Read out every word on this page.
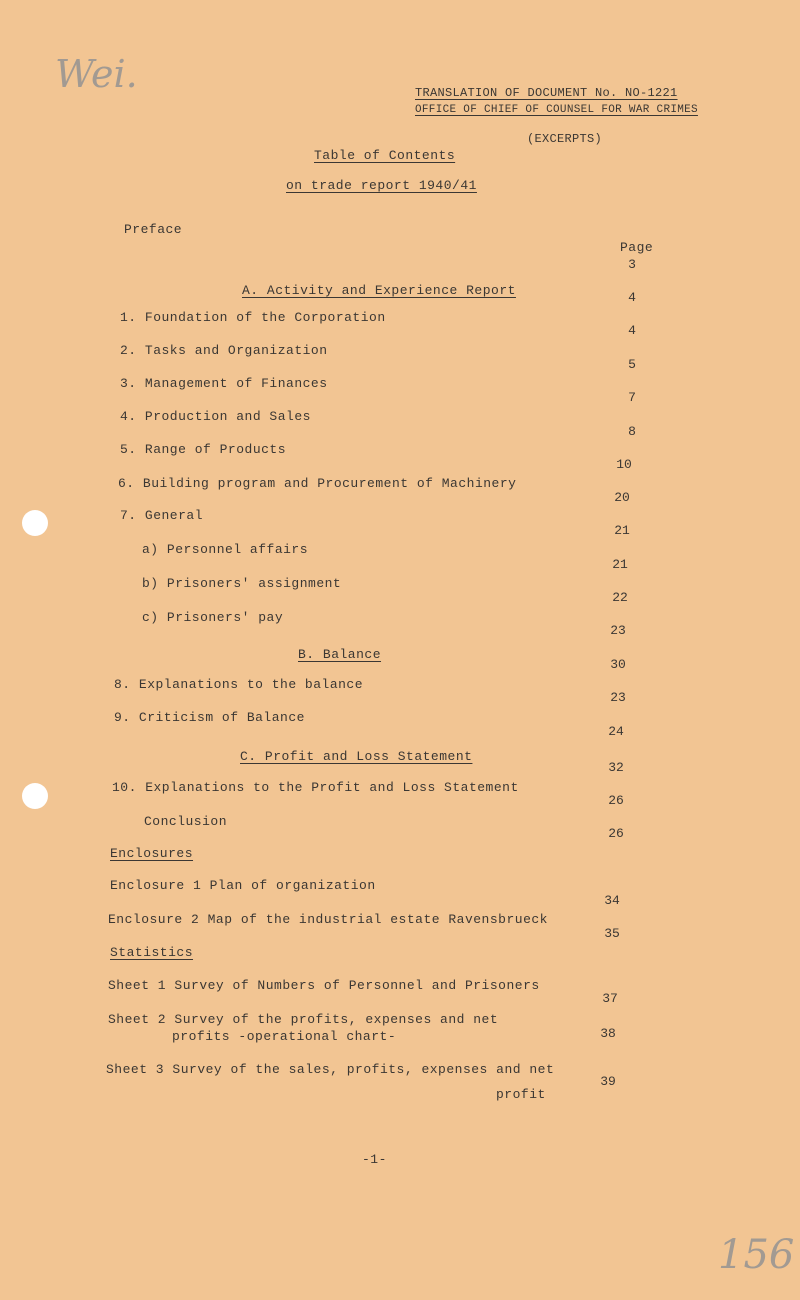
Wei.
156
TRANSLATION OF DOCUMENT No. NO-1221
OFFICE OF CHIEF OF COUNSEL FOR WAR CRIMES
(EXCERPTS)
Table of Contents
on trade report 1940/41
Preface
Page
A. Activity and Experience Report
1. Foundation of the Corporation
2. Tasks and Organization
3. Management of Finances
4. Production and Sales
5. Range of Products
6. Building program and Procurement of Machinery
7. General
a) Personnel affairs
b) Prisoners' assignment
c) Prisoners' pay
B. Balance
8. Explanations to the balance
9. Criticism of Balance
C. Profit and Loss Statement
10. Explanations to the Profit and Loss Statement
Conclusion
Enclosures
Enclosure 1 Plan of organization
Enclosure 2 Map of the industrial estate Ravensbrueck
Statistics
Sheet 1 Survey of Numbers of Personnel and Prisoners
Sheet 2 Survey of the profits, expenses and net
profits -operational chart-
Sheet 3 Survey of the sales, profits, expenses and net
profit
3
4
4
5
7
8
10
20
21
21
22
23
30
23
24
32
26
26
34
35
37
38
39
-1-
